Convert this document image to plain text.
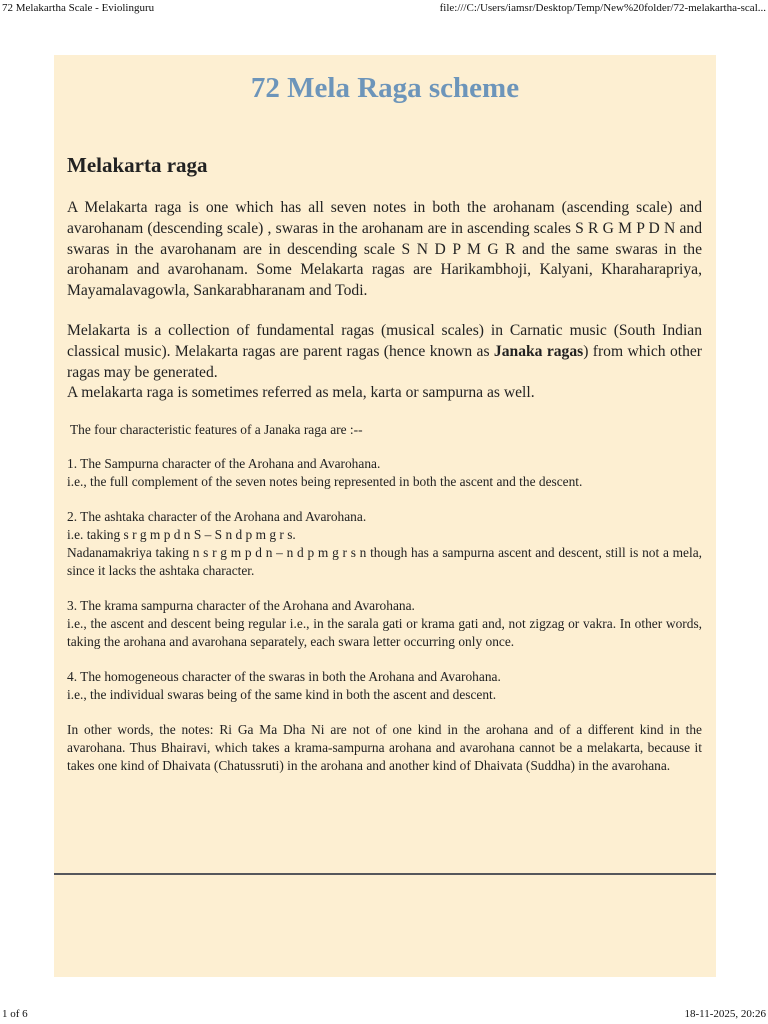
72 Melakartha Scale - Eviolinguru	file:///C:/Users/iamsr/Desktop/Temp/New%20folder/72-melakartha-scal...
72 Mela Raga scheme
Melakarta raga

A Melakarta raga is one which has all seven notes in both the arohanam (ascending scale) and avarohanam (descending scale) , swaras in the arohanam are in ascending scales S R G M P D N and swaras in the avarohanam are in descending scale S N D P M G R and the same swaras in the arohanam and avarohanam. Some Melakarta ragas are Harikambhoji, Kalyani, Kharaharapriya, Mayamalavagowla, Sankarabharanam and Todi.

Melakarta is a collection of fundamental ragas (musical scales) in Carnatic music (South Indian classical music). Melakarta ragas are parent ragas (hence known as Janaka ragas) from which other ragas may be generated.

A melakarta raga is sometimes referred as mela, karta or sampurna as well.

The four characteristic features of a Janaka raga are :--

1. The Sampurna character of the Arohana and Avarohana.
i.e., the full complement of the seven notes being represented in both the ascent and the descent.

2. The ashtaka character of the Arohana and Avarohana.
i.e. taking s r g m p d n S – S n d p m g r s.
Nadanamakriya taking n s r g m p d n – n d p m g r s n though has a sampurna ascent and descent, still is not a mela, since it lacks the ashtaka character.

3. The krama sampurna character of the Arohana and Avarohana.
i.e., the ascent and descent being regular i.e., in the sarala gati or krama gati and, not zigzag or vakra. In other words, taking the arohana and avarohana separately, each swara letter occurring only once.

4. The homogeneous character of the swaras in both the Arohana and Avarohana.
i.e., the individual swaras being of the same kind in both the ascent and descent.

In other words, the notes: Ri Ga Ma Dha Ni are not of one kind in the arohana and of a different kind in the avarohana. Thus Bhairavi, which takes a krama-sampurna arohana and avarohana cannot be a melakarta, because it takes one kind of Dhaivata (Chatussruti) in the arohana and another kind of Dhaivata (Suddha) in the avarohana.

1 of 6	18-11-2025, 20:26
